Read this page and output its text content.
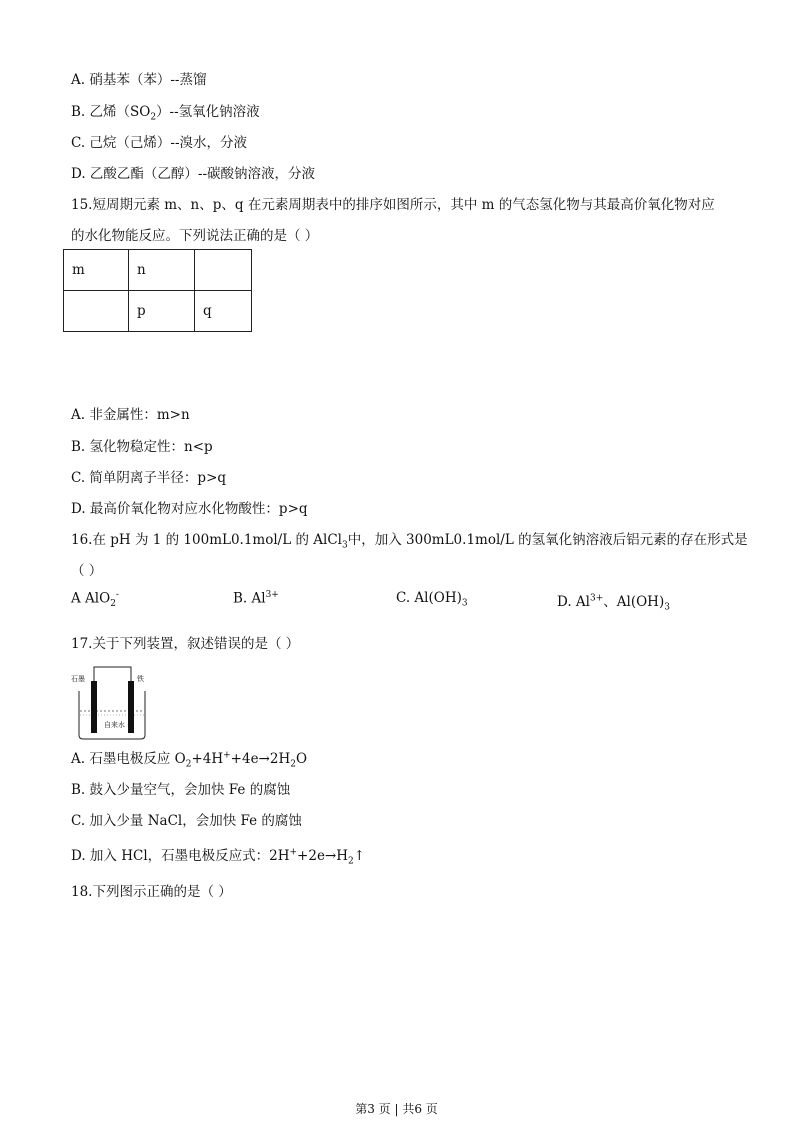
A. 硝基苯（苯）--蒸馏
B. 乙烯$(SO_2)--$氢氧化钠溶液
C. 己烷（己烯）--溴水，分液
D. 乙酸乙酯（乙醇）--碳酸钠溶液，分液
15.短周期元素 m、n、p、q 在元素周期表中的排序如图所示，其中 m 的气态氢化物与其最高价氧化物对应
的水化物能反应。下列说法正确的是（ ）
m	n	
	p	q
A. 非金属性：m>n
B. 氢化物稳定性：n<p
C. 简单阴离子半径：p>q
D. 最高价氧化物对应水化物酸性：p>q
16.在 pH 为 1 的 100mL0.1mol/L 的 AlCl$_3$中，加入 300mL0.1mol/L 的氢氧化钠溶液后铝元素的存在形式是
（ ）
A AlO$_2$-	B. $Al^{3+}$	C. $Al(OH)_3$	D. $Al^{3+}$、$Al(OH)_3$
17.关于下列装置，叙述错误的是（ ）
石墨	铁
自来水
A. 石墨电极反应 $O_2+4H^++4e\to 2H_2O$
B. 鼓入少量空气，会加快 Fe 的腐蚀
C. 加入少量 NaCl，会加快 Fe 的腐蚀
D. 加入 HCl，石墨电极反应式：$2H^++2e\to H_2↑$
18.下列图示正确的是（ ）
第3 页 | 共6 页
